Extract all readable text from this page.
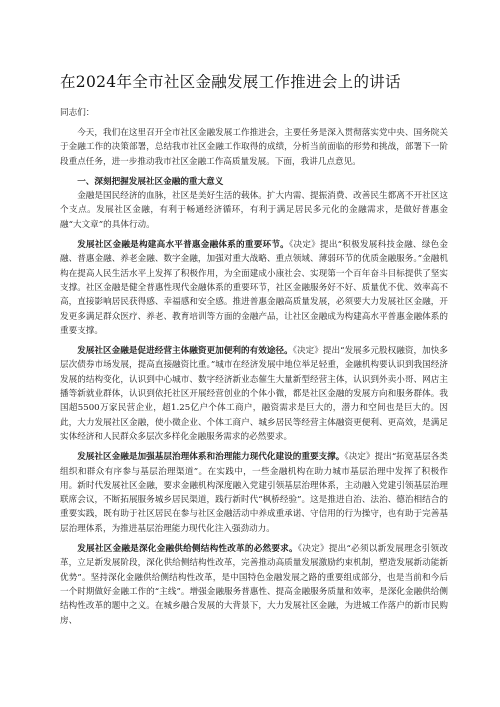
在2024年全市社区金融发展工作推进会上的讲话

同志们：

今天，我们在这里召开全市社区金融发展工作推进会，主要任务是深入贯彻落实党中央、国务院关于金融工作的决策部署，总结我市社区金融工作取得的成绩，分析当前面临的形势和挑战，部署下一阶段重点任务，进一步推动我市社区金融工作高质量发展。下面，我讲几点意见。

一、深刻把握发展社区金融的重大意义

金融是国民经济的血脉，社区是美好生活的载体。扩大内需、提振消费、改善民生都离不开社区这个支点。发展社区金融，有利于畅通经济循环，有利于满足居民多元化的金融需求，是做好普惠金融“大文章”的具体行动。

发展社区金融是构建高水平普惠金融体系的重要环节。《决定》提出“积极发展科技金融、绿色金融、普惠金融、养老金融、数字金融，加强对重大战略、重点领域、薄弱环节的优质金融服务。”金融机构在提高人民生活水平上发挥了积极作用，为全面建成小康社会、实现第一个百年奋斗目标提供了坚实支撑。社区金融是健全普惠性现代金融体系的重要环节，社区金融服务好不好、质量优不优、效率高不高，直接影响居民获得感、幸福感和安全感。推进普惠金融高质量发展，必须要大力发展社区金融，开发更多满足群众医疗、养老、教育培训等方面的金融产品，让社区金融成为构建高水平普惠金融体系的重要支撑。

发展社区金融是促进经营主体融资更加便利的有效途径。《决定》提出“发展多元股权融资，加快多层次债券市场发展，提高直接融资比重。”城市在经济发展中地位举足轻重，金融机构要认识到我国经济发展的结构变化，认识到中心城市、数字经济新业态催生大量新型经营主体，认识到外卖小哥、网店主播等新就业群体，认识到依托社区开展经营创业的个体小微，都是社区金融的发展方向和服务群体。我国超5500万家民营企业，超1.25亿户个体工商户，融资需求是巨大的，潜力和空间也是巨大的。因此，大力发展社区金融，使小微企业、个体工商户、城乡居民等经营主体融资更便利、更高效，是满足实体经济和人民群众多层次多样化金融服务需求的必然要求。

发展社区金融是加强基层治理体系和治理能力现代化建设的重要支撑。《决定》提出“拓宽基层各类组织和群众有序参与基层治理渠道”。在实践中，一些金融机构在助力城市基层治理中发挥了积极作用。新时代发展社区金融，要求金融机构深度融入党建引领基层治理体系，主动融入党建引领基层治理联席会议，不断拓展服务城乡居民渠道，践行新时代“枫桥经验”。这是推进自治、法治、德治相结合的重要实践，既有助于社区居民在参与社区金融活动中养成重承诺、守信用的行为操守，也有助于完善基层治理体系，为推进基层治理能力现代化注入强劲动力。

发展社区金融是深化金融供给侧结构性改革的必然要求。《决定》提出“必须以新发展理念引领改革，立足新发展阶段，深化供给侧结构性改革，完善推动高质量发展激励约束机制，塑造发展新动能新优势”。坚持深化金融供给侧结构性改革，是中国特色金融发展之路的重要组成部分，也是当前和今后一个时期做好金融工作的“主线”。增强金融服务普惠性、提高金融服务质量和效率，是深化金融供给侧结构性改革的题中之义。在城乡融合发展的大背景下，大力发展社区金融，为进城工作落户的新市民购房、
